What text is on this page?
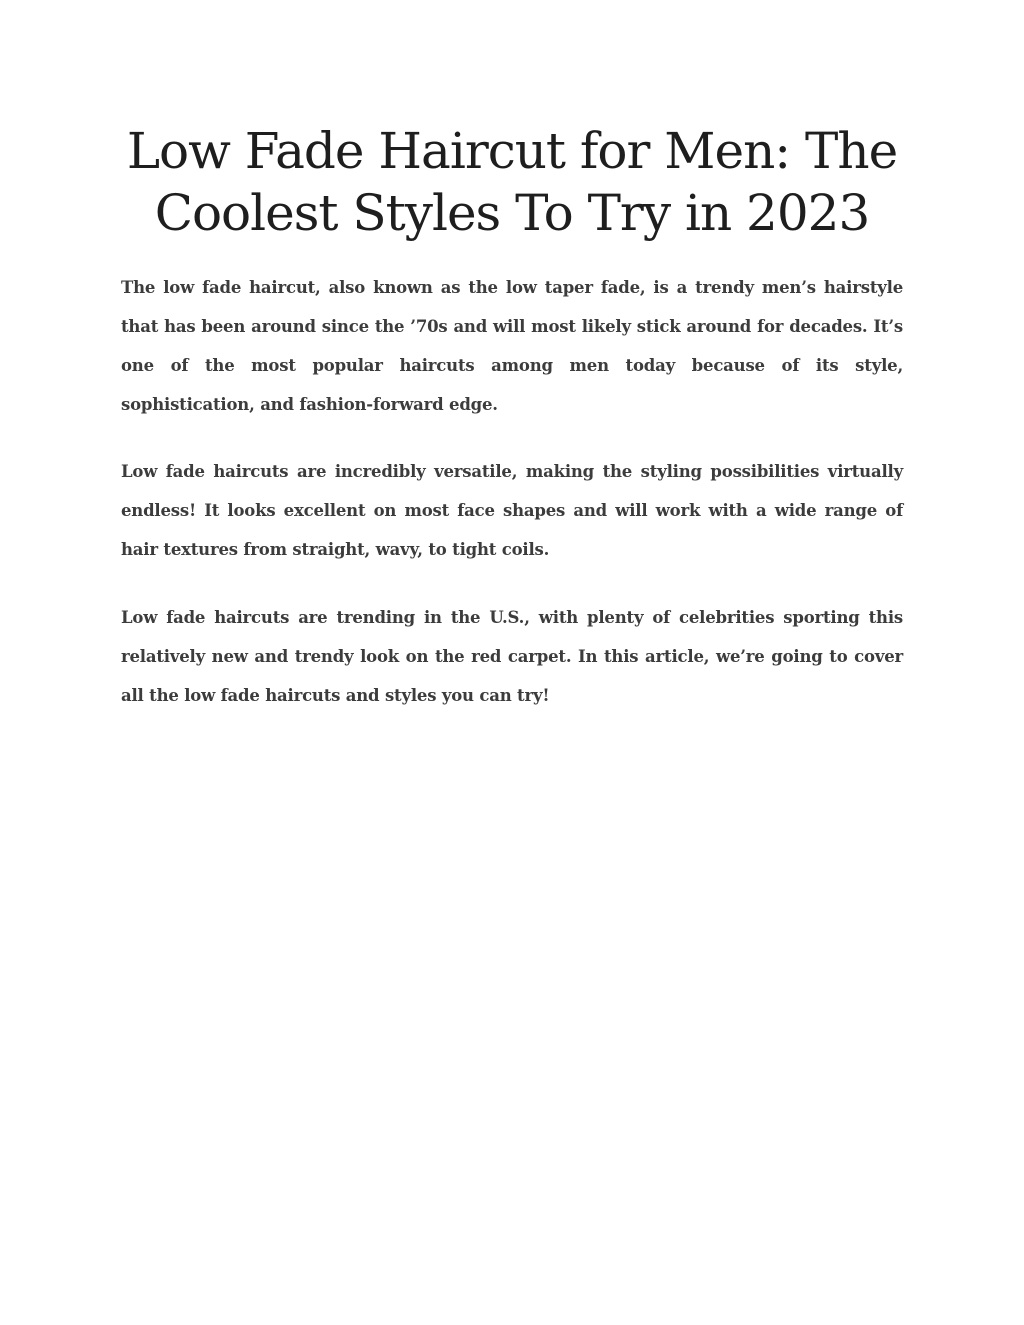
Low Fade Haircut for Men: The Coolest Styles To Try in 2023

The low fade haircut, also known as the low taper fade, is a trendy men’s hairstyle that has been around since the ’70s and will most likely stick around for decades. It’s one of the most popular haircuts among men today because of its style, sophistication, and fashion-forward edge.

Low fade haircuts are incredibly versatile, making the styling possibilities virtually endless! It looks excellent on most face shapes and will work with a wide range of hair textures from straight, wavy, to tight coils.

Low fade haircuts are trending in the U.S., with plenty of celebrities sporting this relatively new and trendy look on the red carpet. In this article, we’re going to cover all the low fade haircuts and styles you can try!
